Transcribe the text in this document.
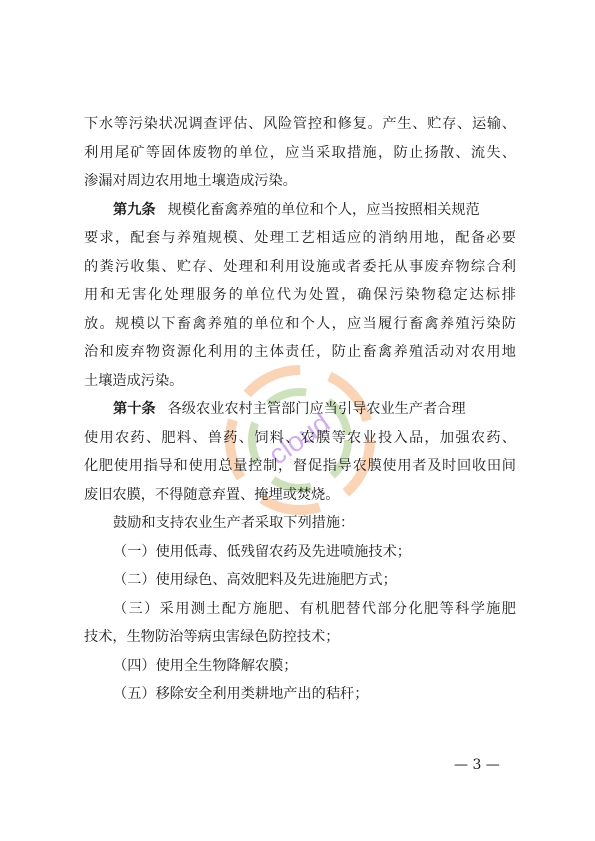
cloud
下水等污染状况调查评估、风险管控和修复。产生、贮存、运输、
利用尾矿等固体废物的单位，应当采取措施，防止扬散、流失、
渗漏对周边农用地土壤造成污染。
第九条 规模化畜禽养殖的单位和个人，应当按照相关规范
要求，配套与养殖规模、处理工艺相适应的消纳用地，配备必要
的粪污收集、贮存、处理和利用设施或者委托从事废弃物综合利
用和无害化处理服务的单位代为处置，确保污染物稳定达标排
放。规模以下畜禽养殖的单位和个人，应当履行畜禽养殖污染防
治和废弃物资源化利用的主体责任，防止畜禽养殖活动对农用地
土壤造成污染。
第十条 各级农业农村主管部门应当引导农业生产者合理
使用农药、肥料、兽药、饲料、农膜等农业投入品，加强农药、
化肥使用指导和使用总量控制，督促指导农膜使用者及时回收田间
废旧农膜，不得随意弃置、掩埋或焚烧。
鼓励和支持农业生产者采取下列措施：
（一）使用低毒、低残留农药及先进喷施技术；
（二）使用绿色、高效肥料及先进施肥方式；
（三）采用测土配方施肥、有机肥替代部分化肥等科学施肥
技术，生物防治等病虫害绿色防控技术；
（四）使用全生物降解农膜；
（五）移除安全利用类耕地产出的秸秆；
— 3 —
